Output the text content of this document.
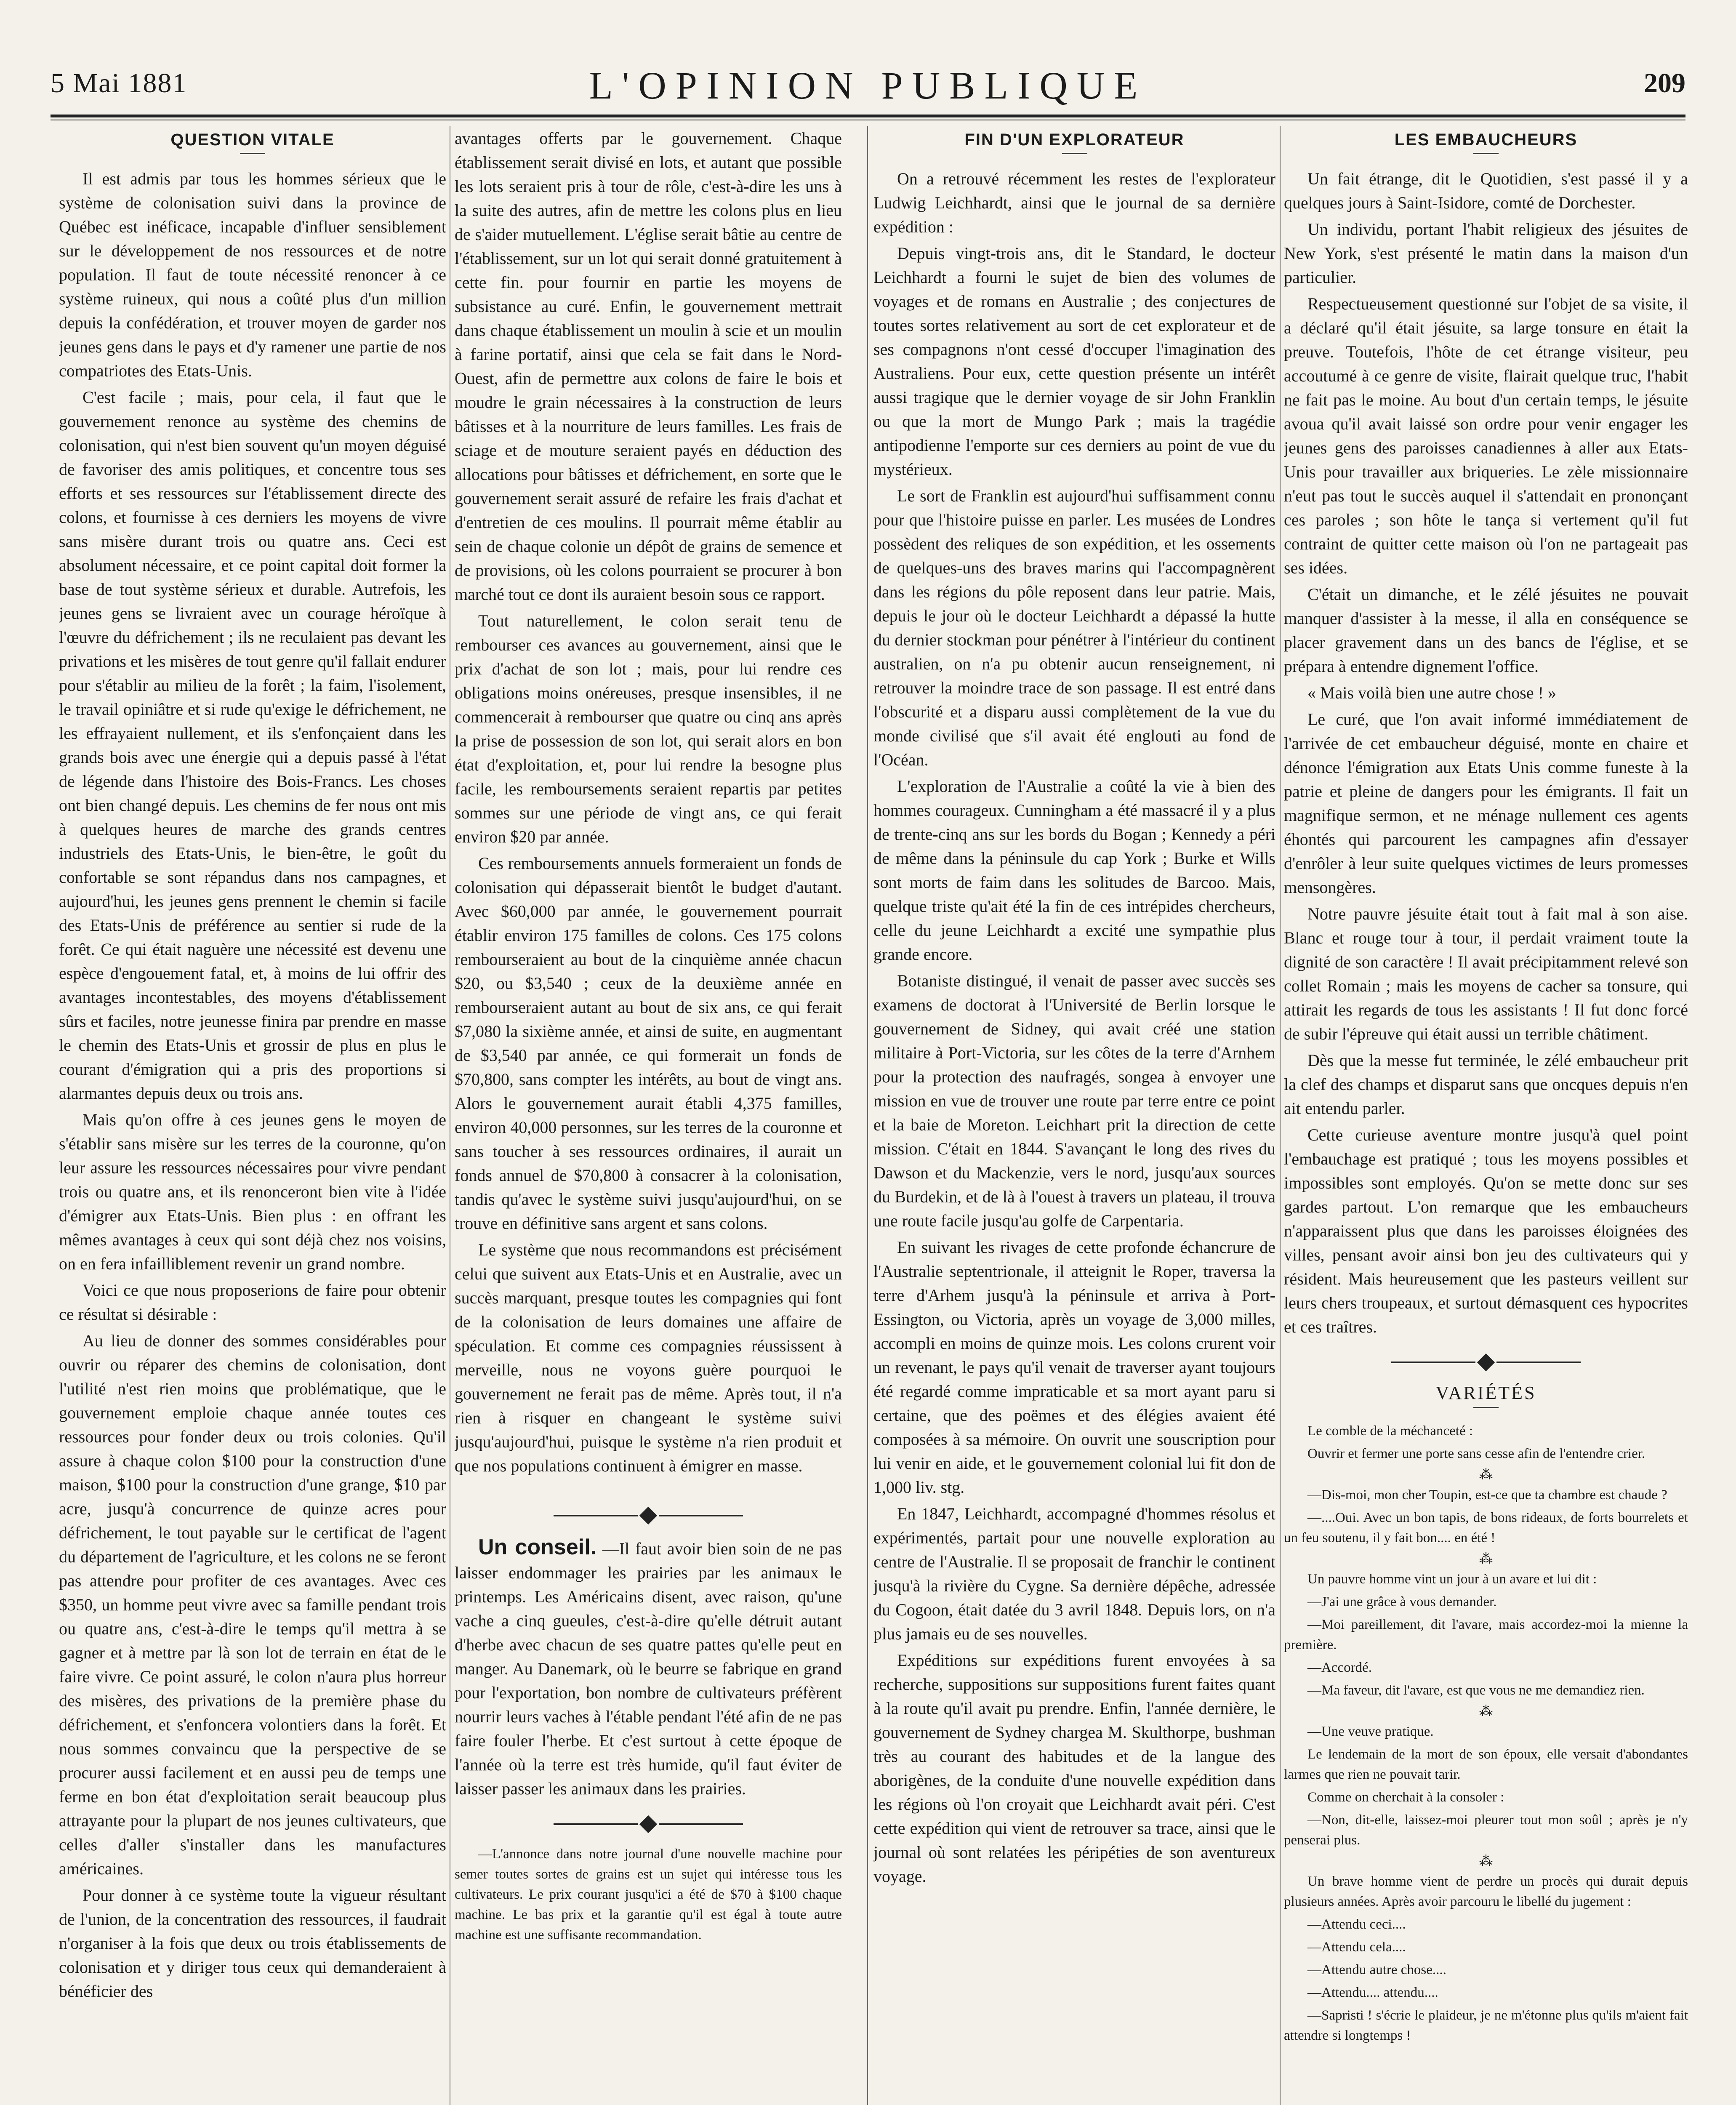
5 Mai 1881	L'OPINION PUBLIQUE	209
QUESTION VITALE

Il est admis par tous les hommes sérieux que le système de colonisation suivi dans la province de Québec est inéficace, incapable d'influer sensiblement sur le développement de nos ressources et de notre population. Il faut de toute nécessité renoncer à ce système ruineux, qui nous a coûté plus d'un million depuis la confédération, et trouver moyen de garder nos jeunes gens dans le pays et d'y ramener une partie de nos compatriotes des Etats-Unis.

C'est facile ; mais, pour cela, il faut que le gouvernement renonce au système des chemins de colonisation, qui n'est bien souvent qu'un moyen déguisé de favoriser des amis politiques, et concentre tous ses efforts et ses ressources sur l'établissement directe des colons, et fournisse à ces derniers les moyens de vivre sans misère durant trois ou quatre ans. Ceci est absolument nécessaire, et ce point capital doit former la base de tout système sérieux et durable. Autrefois, les jeunes gens se livraient avec un courage héroïque à l'œuvre du défrichement ; ils ne reculaient pas devant les privations et les misères de tout genre qu'il fallait endurer pour s'établir au milieu de la forêt ; la faim, l'isolement, le travail opiniâtre et si rude qu'exige le défrichement, ne les effrayaient nullement, et ils s'enfonçaient dans les grands bois avec une énergie qui a depuis passé à l'état de légende dans l'histoire des Bois-Francs. Les choses ont bien changé depuis. Les chemins de fer nous ont mis à quelques heures de marche des grands centres industriels des Etats-Unis, le bien-être, le goût du confortable se sont répandus dans nos campagnes, et aujourd'hui, les jeunes gens prennent le chemin si facile des Etats-Unis de préférence au sentier si rude de la forêt. Ce qui était naguère une nécessité est devenu une espèce d'engouement fatal, et, à moins de lui offrir des avantages incontestables, des moyens d'établissement sûrs et faciles, notre jeunesse finira par prendre en masse le chemin des Etats-Unis et grossir de plus en plus le courant d'émigration qui a pris des proportions si alarmantes depuis deux ou trois ans.

Mais qu'on offre à ces jeunes gens le moyen de s'établir sans misère sur les terres de la couronne, qu'on leur assure les ressources nécessaires pour vivre pendant trois ou quatre ans, et ils renonceront bien vite à l'idée d'émigrer aux Etats-Unis. Bien plus : en offrant les mêmes avantages à ceux qui sont déjà chez nos voisins, on en fera infailliblement revenir un grand nombre.

Voici ce que nous proposerions de faire pour obtenir ce résultat si désirable :

Au lieu de donner des sommes considérables pour ouvrir ou réparer des chemins de colonisation, dont l'utilité n'est rien moins que problématique, que le gouvernement emploie chaque année toutes ces ressources pour fonder deux ou trois colonies. Qu'il assure à chaque colon $100 pour la construction d'une maison, $100 pour la construction d'une grange, $10 par acre, jusqu'à concurrence de quinze acres pour défrichement, le tout payable sur le certificat de l'agent du département de l'agriculture, et les colons ne se feront pas attendre pour profiter de ces avantages. Avec ces $350, un homme peut vivre avec sa famille pendant trois ou quatre ans, c'est-à-dire le temps qu'il mettra à se gagner et à mettre par là son lot de terrain en état de le faire vivre. Ce point assuré, le colon n'aura plus horreur des misères, des privations de la première phase du défrichement, et s'enfoncera volontiers dans la forêt. Et nous sommes convaincu que la perspective de se procurer aussi facilement et en aussi peu de temps une ferme en bon état d'exploitation serait beaucoup plus attrayante pour la plupart de nos jeunes cultivateurs, que celles d'aller s'installer dans les manufactures américaines.

Pour donner à ce système toute la vigueur résultant de l'union, de la concentration des ressources, il faudrait n'organiser à la fois que deux ou trois établissements de colonisation et y diriger tous ceux qui demanderaient à bénéficier des

avantages offerts par le gouvernement. Chaque établissement serait divisé en lots, et autant que possible les lots seraient pris à tour de rôle, c'est-à-dire les uns à la suite des autres, afin de mettre les colons plus en lieu de s'aider mutuellement. L'église serait bâtie au centre de l'établissement, sur un lot qui serait donné gratuitement à cette fin. pour fournir en partie les moyens de subsistance au curé. Enfin, le gouvernement mettrait dans chaque établissement un moulin à scie et un moulin à farine portatif, ainsi que cela se fait dans le Nord-Ouest, afin de permettre aux colons de faire le bois et moudre le grain nécessaires à la construction de leurs bâtisses et à la nourriture de leurs familles. Les frais de sciage et de mouture seraient payés en déduction des allocations pour bâtisses et défrichement, en sorte que le gouvernement serait assuré de refaire les frais d'achat et d'entretien de ces moulins. Il pourrait même établir au sein de chaque colonie un dépôt de grains de semence et de provisions, où les colons pourraient se procurer à bon marché tout ce dont ils auraient besoin sous ce rapport.

Tout naturellement, le colon serait tenu de rembourser ces avances au gouvernement, ainsi que le prix d'achat de son lot ; mais, pour lui rendre ces obligations moins onéreuses, presque insensibles, il ne commencerait à rembourser que quatre ou cinq ans après la prise de possession de son lot, qui serait alors en bon état d'exploitation, et, pour lui rendre la besogne plus facile, les remboursements seraient repartis par petites sommes sur une période de vingt ans, ce qui ferait environ $20 par année.

Ces remboursements annuels formeraient un fonds de colonisation qui dépasserait bientôt le budget d'autant. Avec $60,000 par année, le gouvernement pourrait établir environ 175 familles de colons. Ces 175 colons rembourseraient au bout de la cinquième année chacun $20, ou $3,540 ; ceux de la deuxième année en rembourseraient autant au bout de six ans, ce qui ferait $7,080 la sixième année, et ainsi de suite, en augmentant de $3,540 par année, ce qui formerait un fonds de $70,800, sans compter les intérêts, au bout de vingt ans. Alors le gouvernement aurait établi 4,375 familles, environ 40,000 personnes, sur les terres de la couronne et sans toucher à ses ressources ordinaires, il aurait un fonds annuel de $70,800 à consacrer à la colonisation, tandis qu'avec le système suivi jusqu'aujourd'hui, on se trouve en définitive sans argent et sans colons.

Le système que nous recommandons est précisément celui que suivent aux Etats-Unis et en Australie, avec un succès marquant, presque toutes les compagnies qui font de la colonisation de leurs domaines une affaire de spéculation. Et comme ces compagnies réussissent à merveille, nous ne voyons guère pourquoi le gouvernement ne ferait pas de même. Après tout, il n'a rien à risquer en changeant le système suivi jusqu'aujourd'hui, puisque le système n'a rien produit et que nos populations continuent à émigrer en masse.

Un conseil. —Il faut avoir bien soin de ne pas laisser endommager les prairies par les animaux le printemps. Les Américains disent, avec raison, qu'une vache a cinq gueules, c'est-à-dire qu'elle détruit autant d'herbe avec chacun de ses quatre pattes qu'elle peut en manger. Au Danemark, où le beurre se fabrique en grand pour l'exportation, bon nombre de cultivateurs préfèrent nourrir leurs vaches à l'étable pendant l'été afin de ne pas faire fouler l'herbe. Et c'est surtout à cette époque de l'année où la terre est très humide, qu'il faut éviter de laisser passer les animaux dans les prairies.

—L'annonce dans notre journal d'une nouvelle machine pour semer toutes sortes de grains est un sujet qui intéresse tous les cultivateurs. Le prix courant jusqu'ici a été de $70 à $100 chaque machine. Le bas prix et la garantie qu'il est égal à toute autre machine est une suffisante recommandation.

FIN D'UN EXPLORATEUR

On a retrouvé récemment les restes de l'explorateur Ludwig Leichhardt, ainsi que le journal de sa dernière expédition :

Depuis vingt-trois ans, dit le Standard, le docteur Leichhardt a fourni le sujet de bien des volumes de voyages et de romans en Australie ; des conjectures de toutes sortes relativement au sort de cet explorateur et de ses compagnons n'ont cessé d'occuper l'imagination des Australiens. Pour eux, cette question présente un intérêt aussi tragique que le dernier voyage de sir John Franklin ou que la mort de Mungo Park ; mais la tragédie antipodienne l'emporte sur ces derniers au point de vue du mystérieux.

Le sort de Franklin est aujourd'hui suffisamment connu pour que l'histoire puisse en parler. Les musées de Londres possèdent des reliques de son expédition, et les ossements de quelques-uns des braves marins qui l'accompagnèrent dans les régions du pôle reposent dans leur patrie. Mais, depuis le jour où le docteur Leichhardt a dépassé la hutte du dernier stockman pour pénétrer à l'intérieur du continent australien, on n'a pu obtenir aucun renseignement, ni retrouver la moindre trace de son passage. Il est entré dans l'obscurité et a disparu aussi complètement de la vue du monde civilisé que s'il avait été englouti au fond de l'Océan.

L'exploration de l'Australie a coûté la vie à bien des hommes courageux. Cunningham a été massacré il y a plus de trente-cinq ans sur les bords du Bogan ; Kennedy a péri de même dans la péninsule du cap York ; Burke et Wills sont morts de faim dans les solitudes de Barcoo. Mais, quelque triste qu'ait été la fin de ces intrépides chercheurs, celle du jeune Leichhardt a excité une sympathie plus grande encore.

Botaniste distingué, il venait de passer avec succès ses examens de doctorat à l'Université de Berlin lorsque le gouvernement de Sidney, qui avait créé une station militaire à Port-Victoria, sur les côtes de la terre d'Arnhem pour la protection des naufragés, songea à envoyer une mission en vue de trouver une route par terre entre ce point et la baie de Moreton. Leichhart prit la direction de cette mission. C'était en 1844. S'avançant le long des rives du Dawson et du Mackenzie, vers le nord, jusqu'aux sources du Burdekin, et de là à l'ouest à travers un plateau, il trouva une route facile jusqu'au golfe de Carpentaria.

En suivant les rivages de cette profonde échancrure de l'Australie septentrionale, il atteignit le Roper, traversa la terre d'Arhem jusqu'à la péninsule et arriva à Port-Essington, ou Victoria, après un voyage de 3,000 milles, accompli en moins de quinze mois. Les colons crurent voir un revenant, le pays qu'il venait de traverser ayant toujours été regardé comme impraticable et sa mort ayant paru si certaine, que des poëmes et des élégies avaient été composées à sa mémoire. On ouvrit une souscription pour lui venir en aide, et le gouvernement colonial lui fit don de 1,000 liv. stg.

En 1847, Leichhardt, accompagné d'hommes résolus et expérimentés, partait pour une nouvelle exploration au centre de l'Australie. Il se proposait de franchir le continent jusqu'à la rivière du Cygne. Sa dernière dépêche, adressée du Cogoon, était datée du 3 avril 1848. Depuis lors, on n'a plus jamais eu de ses nouvelles.

Expéditions sur expéditions furent envoyées à sa recherche, suppositions sur suppositions furent faites quant à la route qu'il avait pu prendre. Enfin, l'année dernière, le gouvernement de Sydney chargea M. Skulthorpe, bushman très au courant des habitudes et de la langue des aborigènes, de la conduite d'une nouvelle expédition dans les régions où l'on croyait que Leichhardt avait péri. C'est cette expédition qui vient de retrouver sa trace, ainsi que le journal où sont relatées les péripéties de son aventureux voyage.

LES EMBAUCHEURS

Un fait étrange, dit le Quotidien, s'est passé il y a quelques jours à Saint-Isidore, comté de Dorchester.

Un individu, portant l'habit religieux des jésuites de New York, s'est présenté le matin dans la maison d'un particulier.

Respectueusement questionné sur l'objet de sa visite, il a déclaré qu'il était jésuite, sa large tonsure en était la preuve. Toutefois, l'hôte de cet étrange visiteur, peu accoutumé à ce genre de visite, flairait quelque truc, l'habit ne fait pas le moine. Au bout d'un certain temps, le jésuite avoua qu'il avait laissé son ordre pour venir engager les jeunes gens des paroisses canadiennes à aller aux Etats-Unis pour travailler aux briqueries. Le zèle missionnaire n'eut pas tout le succès auquel il s'attendait en prononçant ces paroles ; son hôte le tança si vertement qu'il fut contraint de quitter cette maison où l'on ne partageait pas ses idées.

C'était un dimanche, et le zélé jésuites ne pouvait manquer d'assister à la messe, il alla en conséquence se placer gravement dans un des bancs de l'église, et se prépara à entendre dignement l'office.

« Mais voilà bien une autre chose ! »

Le curé, que l'on avait informé immédiatement de l'arrivée de cet embaucheur déguisé, monte en chaire et dénonce l'émigration aux Etats Unis comme funeste à la patrie et pleine de dangers pour les émigrants. Il fait un magnifique sermon, et ne ménage nullement ces agents éhontés qui parcourent les campagnes afin d'essayer d'enrôler à leur suite quelques victimes de leurs promesses mensongères.

Notre pauvre jésuite était tout à fait mal à son aise. Blanc et rouge tour à tour, il perdait vraiment toute la dignité de son caractère ! Il avait précipitamment relevé son collet Romain ; mais les moyens de cacher sa tonsure, qui attirait les regards de tous les assistants ! Il fut donc forcé de subir l'épreuve qui était aussi un terrible châtiment.

Dès que la messe fut terminée, le zélé embaucheur prit la clef des champs et disparut sans que oncques depuis n'en ait entendu parler.

Cette curieuse aventure montre jusqu'à quel point l'embauchage est pratiqué ; tous les moyens possibles et impossibles sont employés. Qu'on se mette donc sur ses gardes partout. L'on remarque que les embaucheurs n'apparaissent plus que dans les paroisses éloignées des villes, pensant avoir ainsi bon jeu des cultivateurs qui y résident. Mais heureusement que les pasteurs veillent sur leurs chers troupeaux, et surtout démasquent ces hypocrites et ces traîtres.

VARIÉTÉS

Le comble de la méchanceté :

Ouvrir et fermer une porte sans cesse afin de l'entendre crier.

⁂

—Dis-moi, mon cher Toupin, est-ce que ta chambre est chaude ?

—....Oui. Avec un bon tapis, de bons rideaux, de forts bourrelets et un feu soutenu, il y fait bon.... en été !

⁂

Un pauvre homme vint un jour à un avare et lui dit :

—J'ai une grâce à vous demander.

—Moi pareillement, dit l'avare, mais accordez-moi la mienne la première.

—Accordé.

—Ma faveur, dit l'avare, est que vous ne me demandiez rien.

⁂

—Une veuve pratique.

Le lendemain de la mort de son époux, elle versait d'abondantes larmes que rien ne pouvait tarir.

Comme on cherchait à la consoler :

—Non, dit-elle, laissez-moi pleurer tout mon soûl ; après je n'y penserai plus.

⁂

Un brave homme vient de perdre un procès qui durait depuis plusieurs années. Après avoir parcouru le libellé du jugement :

—Attendu ceci....

—Attendu cela....

—Attendu autre chose....

—Attendu.... attendu....

—Sapristi ! s'écrie le plaideur, je ne m'étonne plus qu'ils m'aient fait attendre si longtemps !
